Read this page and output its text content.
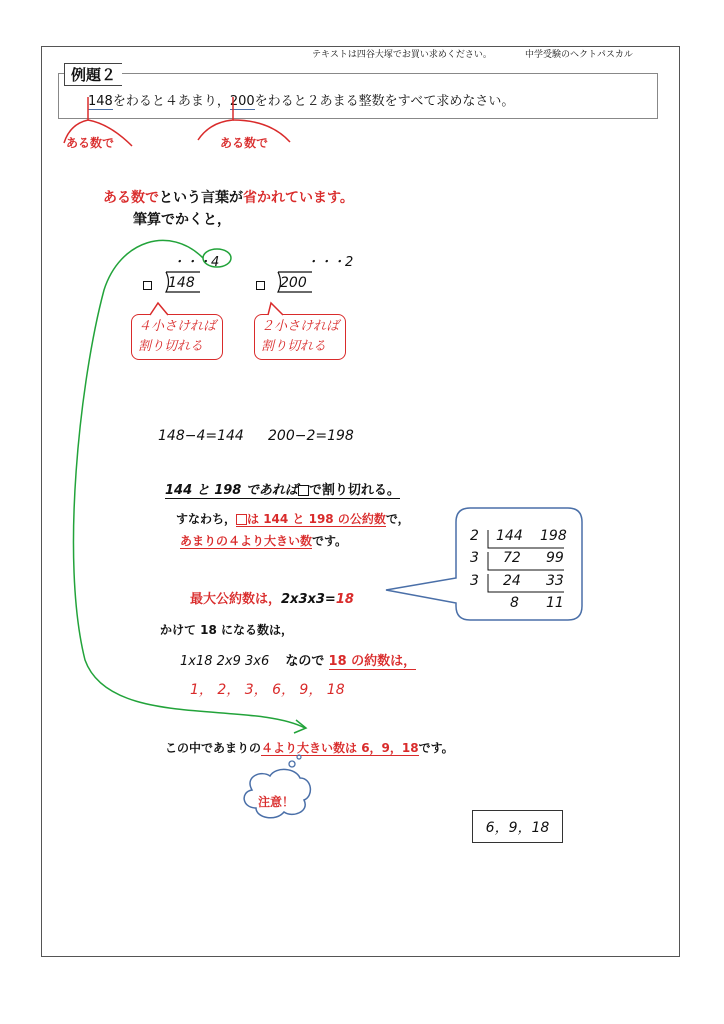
テキストは四谷大塚でお買い求めください。	中学受験のヘクトパスカル
例題２
148をわると４あまり，200をわると２あまる整数をすべて求めなさい。
ある数で	ある数で
ある数でという言葉が省かれています。
筆算でかくと，
・・・4
148
・・・2
200
４小さければ
割り切れる
２小さければ
割り切れる
148−4=144 200−2=198
144 と 198 であれば で割り切れる。
すなわち， は 144 と 198 の公約数で，
あまりの４より大きい数です。
最大公約数は，2x3x3=18
2 144 198
3 72 99
3 24 33
8 11
かけて 18 になる数は，
1x18 2x9 3x6 なので 18 の約数は，
1， 2， 3， 6， 9， 18
この中であまりの４より大きい数は 6，9，18です。
注意！
6，9，18
